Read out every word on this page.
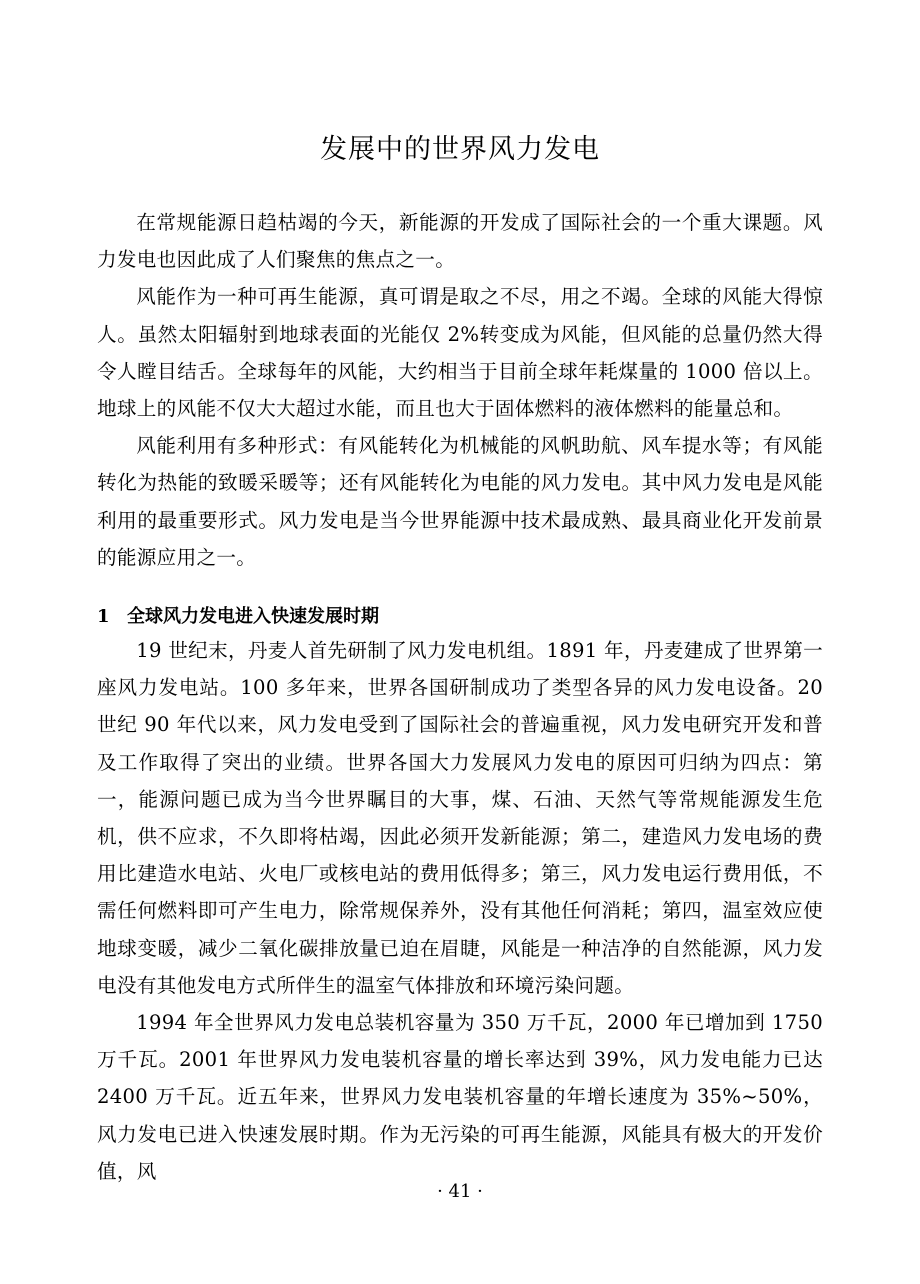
发展中的世界风力发电

在常规能源日趋枯竭的今天，新能源的开发成了国际社会的一个重大课题。风力发电也因此成了人们聚焦的焦点之一。

风能作为一种可再生能源，真可谓是取之不尽，用之不竭。全球的风能大得惊人。虽然太阳辐射到地球表面的光能仅 2%转变成为风能，但风能的总量仍然大得令人瞠目结舌。全球每年的风能，大约相当于目前全球年耗煤量的 1000 倍以上。地球上的风能不仅大大超过水能，而且也大于固体燃料的液体燃料的能量总和。

风能利用有多种形式：有风能转化为机械能的风帆助航、风车提水等；有风能转化为热能的致暖采暖等；还有风能转化为电能的风力发电。其中风力发电是风能利用的最重要形式。风力发电是当今世界能源中技术最成熟、最具商业化开发前景的能源应用之一。

1 全球风力发电进入快速发展时期

19 世纪末，丹麦人首先研制了风力发电机组。1891 年，丹麦建成了世界第一座风力发电站。100 多年来，世界各国研制成功了类型各异的风力发电设备。20 世纪 90 年代以来，风力发电受到了国际社会的普遍重视，风力发电研究开发和普及工作取得了突出的业绩。世界各国大力发展风力发电的原因可归纳为四点：第一，能源问题已成为当今世界瞩目的大事，煤、石油、天然气等常规能源发生危机，供不应求，不久即将枯竭，因此必须开发新能源；第二，建造风力发电场的费用比建造水电站、火电厂或核电站的费用低得多；第三，风力发电运行费用低，不需任何燃料即可产生电力，除常规保养外，没有其他任何消耗；第四，温室效应使地球变暖，减少二氧化碳排放量已迫在眉睫，风能是一种洁净的自然能源，风力发电没有其他发电方式所伴生的温室气体排放和环境污染问题。

1994 年全世界风力发电总装机容量为 350 万千瓦，2000 年已增加到 1750 万千瓦。2001 年世界风力发电装机容量的增长率达到 39%，风力发电能力已达 2400 万千瓦。近五年来，世界风力发电装机容量的年增长速度为 35%~50%，风力发电已进入快速发展时期。作为无污染的可再生能源，风能具有极大的开发价值，风

· 41 ·
